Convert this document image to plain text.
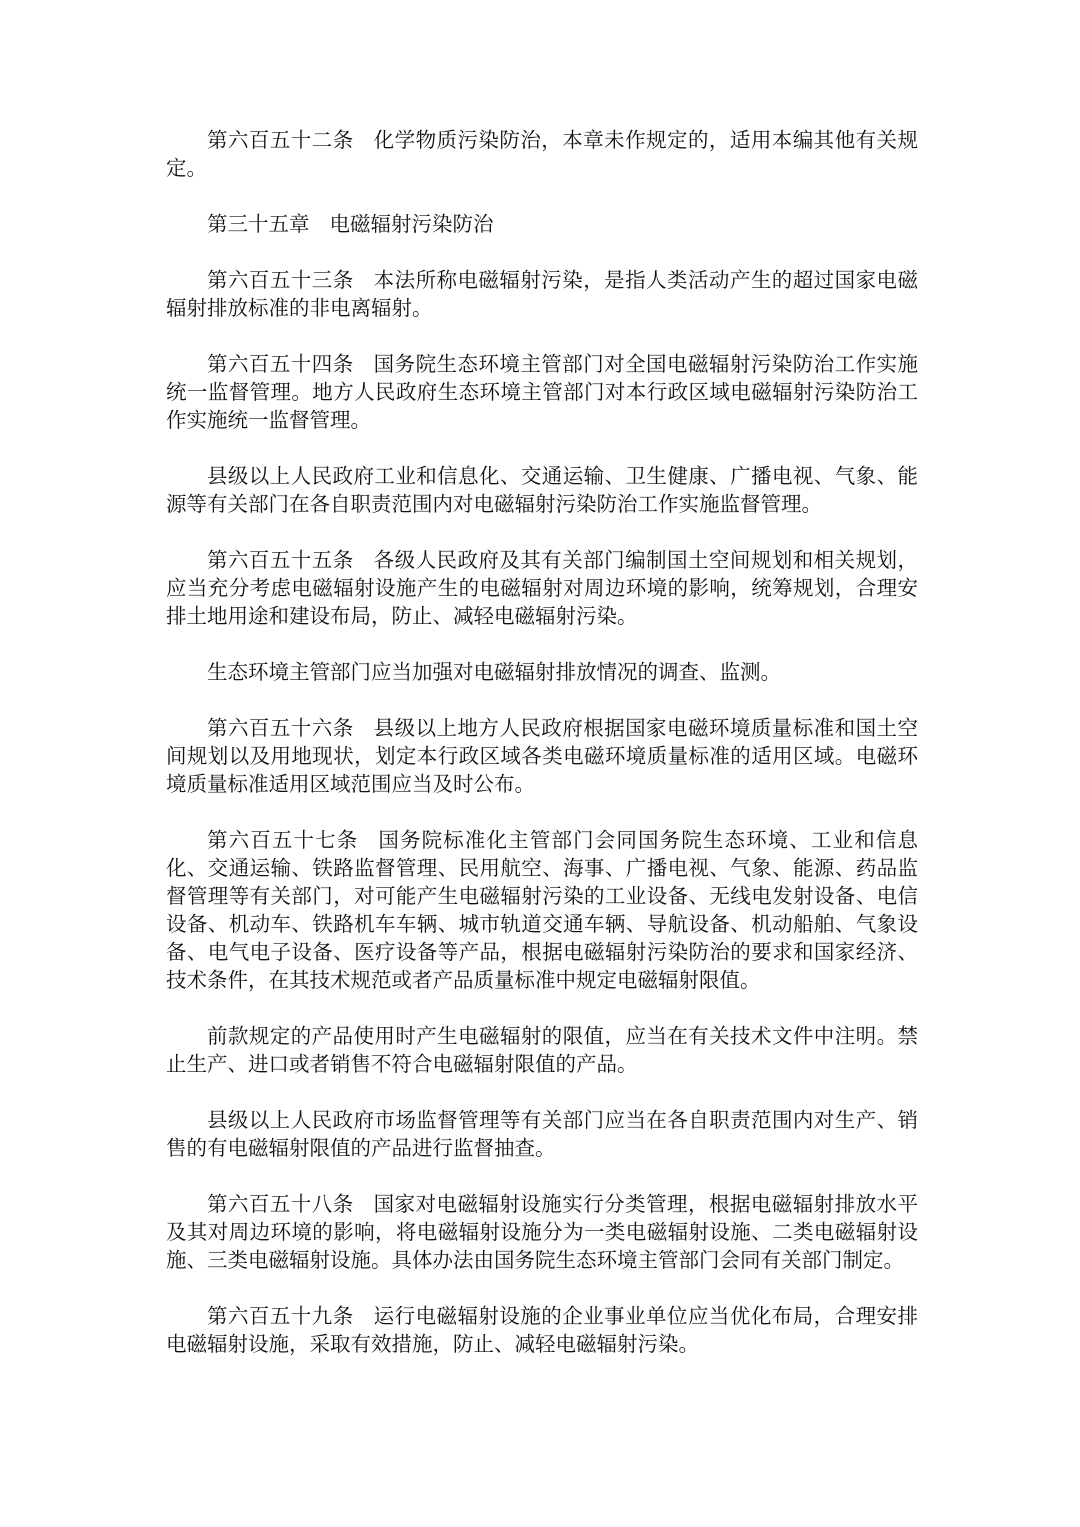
第六百五十二条 化学物质污染防治，本章未作规定的，适用本编其他有关规定。

第三十五章 电磁辐射污染防治

第六百五十三条 本法所称电磁辐射污染，是指人类活动产生的超过国家电磁辐射排放标准的非电离辐射。

第六百五十四条 国务院生态环境主管部门对全国电磁辐射污染防治工作实施统一监督管理。地方人民政府生态环境主管部门对本行政区域电磁辐射污染防治工作实施统一监督管理。

县级以上人民政府工业和信息化、交通运输、卫生健康、广播电视、气象、能源等有关部门在各自职责范围内对电磁辐射污染防治工作实施监督管理。

第六百五十五条 各级人民政府及其有关部门编制国土空间规划和相关规划，应当充分考虑电磁辐射设施产生的电磁辐射对周边环境的影响，统筹规划，合理安排土地用途和建设布局，防止、减轻电磁辐射污染。

生态环境主管部门应当加强对电磁辐射排放情况的调查、监测。

第六百五十六条 县级以上地方人民政府根据国家电磁环境质量标准和国土空间规划以及用地现状，划定本行政区域各类电磁环境质量标准的适用区域。电磁环境质量标准适用区域范围应当及时公布。

第六百五十七条 国务院标准化主管部门会同国务院生态环境、工业和信息化、交通运输、铁路监督管理、民用航空、海事、广播电视、气象、能源、药品监督管理等有关部门，对可能产生电磁辐射污染的工业设备、无线电发射设备、电信设备、机动车、铁路机车车辆、城市轨道交通车辆、导航设备、机动船舶、气象设备、电气电子设备、医疗设备等产品，根据电磁辐射污染防治的要求和国家经济、技术条件，在其技术规范或者产品质量标准中规定电磁辐射限值。

前款规定的产品使用时产生电磁辐射的限值，应当在有关技术文件中注明。禁止生产、进口或者销售不符合电磁辐射限值的产品。

县级以上人民政府市场监督管理等有关部门应当在各自职责范围内对生产、销售的有电磁辐射限值的产品进行监督抽查。

第六百五十八条 国家对电磁辐射设施实行分类管理，根据电磁辐射排放水平及其对周边环境的影响，将电磁辐射设施分为一类电磁辐射设施、二类电磁辐射设施、三类电磁辐射设施。具体办法由国务院生态环境主管部门会同有关部门制定。

第六百五十九条 运行电磁辐射设施的企业事业单位应当优化布局，合理安排电磁辐射设施，采取有效措施，防止、减轻电磁辐射污染。
